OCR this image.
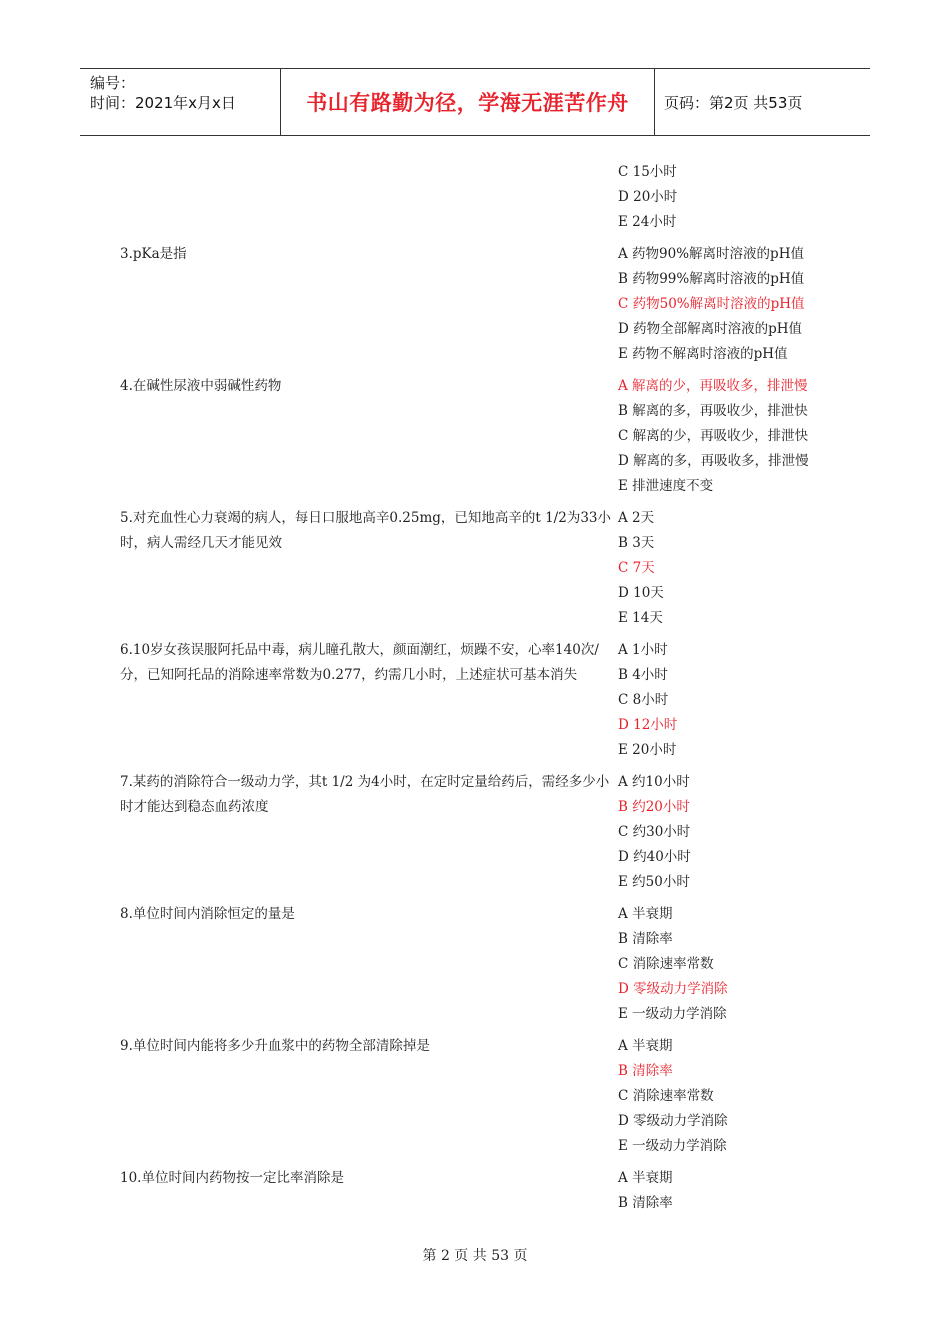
编号：
时间：2021年x月x日	书山有路勤为径，学海无涯苦作舟	页码：第2页 共53页
C 15小时
D 20小时
E 24小时
3.pKa是指	A 药物90%解离时溶液的pH值
B 药物99%解离时溶液的pH值
C 药物50%解离时溶液的pH值
D 药物全部解离时溶液的pH值
E 药物不解离时溶液的pH值
4.在碱性尿液中弱碱性药物	A 解离的少，再吸收多，排泄慢
B 解离的多，再吸收少，排泄快
C 解离的少，再吸收少，排泄快
D 解离的多，再吸收多，排泄慢
E 排泄速度不变
5.对充血性心力衰竭的病人，每日口服地高辛0.25mg，已知地高辛的t 1/2为33小时，病人需经几天才能见效
A 2天
B 3天
C 7天
D 10天
E 14天
6.10岁女孩误服阿托品中毒，病儿瞳孔散大，颜面潮红，烦躁不安，心率140次/分，已知阿托品的消除速率常数为0.277，约需几小时，上述症状可基本消失
A 1小时
B 4小时
C 8小时
D 12小时
E 20小时
7.某药的消除符合一级动力学，其t 1/2 为4小时，在定时定量给药后，需经多少小时才能达到稳态血药浓度
A 约10小时
B 约20小时
C 约30小时
D 约40小时
E 约50小时
8.单位时间内消除恒定的量是	A 半衰期
B 清除率
C 消除速率常数
D 零级动力学消除
E 一级动力学消除
9.单位时间内能将多少升血浆中的药物全部清除掉是	A 半衰期
B 清除率
C 消除速率常数
D 零级动力学消除
E 一级动力学消除
10.单位时间内药物按一定比率消除是	A 半衰期
B 清除率
第 2 页 共 53 页
